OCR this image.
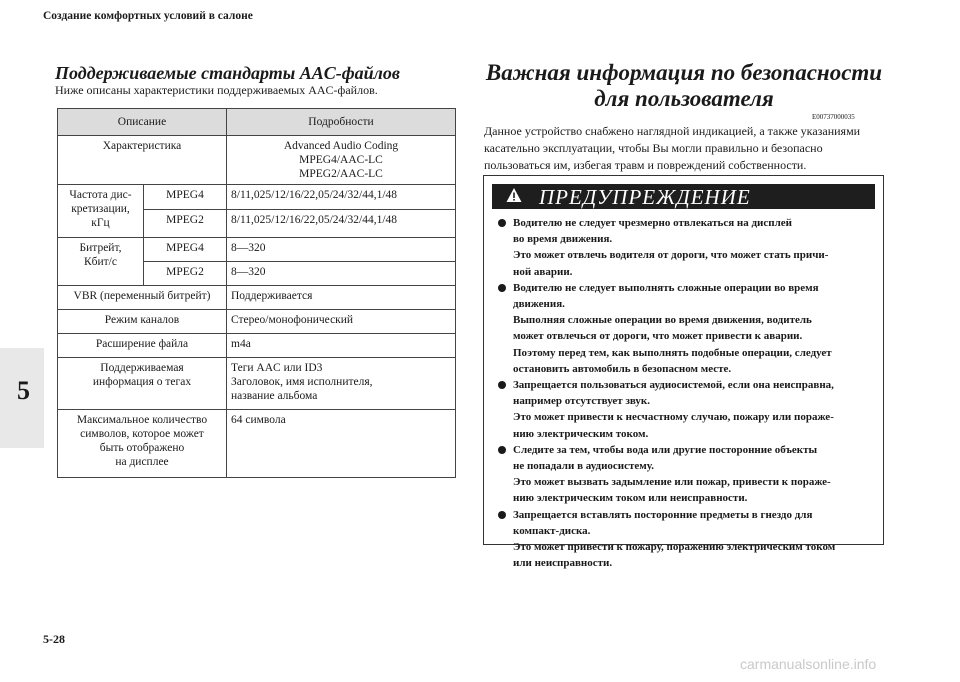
Создание комфортных условий в салоне
5
Поддерживаемые стандарты AAC-файлов
Ниже описаны характеристики поддерживаемых AAC-файлов.
Описание		Подробности
Характеристика		Advanced Audio Coding
MPEG4/AAC-LC
MPEG2/AAC-LC
Частота дис-
кретизации,
кГц	MPEG4	8/11,025/12/16/22,05/24/32/44,1/48
	MPEG2	8/11,025/12/16/22,05/24/32/44,1/48
Битрейт,
Кбит/с	MPEG4	8—320
	MPEG2	8—320
VBR (переменный битрейт)		Поддерживается
Режим каналов		Стерео/монофонический
Расширение файла		m4a
Поддерживаемая
информация о тегах		Теги AAC или ID3
Заголовок, имя исполнителя,
название альбома
Максимальное количество
символов, которое может
быть отображено
на дисплее		64 символа
Важная информация по безопасности
для пользователя
E00737000035
Данное устройство снабжено наглядной индикацией, а также указаниями касательно эксплуатации, чтобы Вы могли правильно и безопасно пользоваться им, избегая травм и повреждений собственности.
ПРЕДУПРЕЖДЕНИЕ
Водителю не следует чрезмерно отвлекаться на дисплей
во время движения.
Это может отвлечь водителя от дороги, что может стать причи-
ной аварии.
Водителю не следует выполнять сложные операции во время
движения.
Выполняя сложные операции во время движения, водитель
может отвлечься от дороги, что может привести к аварии.
Поэтому перед тем, как выполнять подобные операции, следует
остановить автомобиль в безопасном месте.
Запрещается пользоваться аудиосистемой, если она неисправна,
например отсутствует звук.
Это может привести к несчастному случаю, пожару или пораже-
нию электрическим током.
Следите за тем, чтобы вода или другие посторонние объекты
не попадали в аудиосистему.
Это может вызвать задымление или пожар, привести к пораже-
нию электрическим током или неисправности.
Запрещается вставлять посторонние предметы в гнездо для
компакт-диска.
Это может привести к пожару, поражению электрическим током
или неисправности.
5-28
carmanualsonline.info
